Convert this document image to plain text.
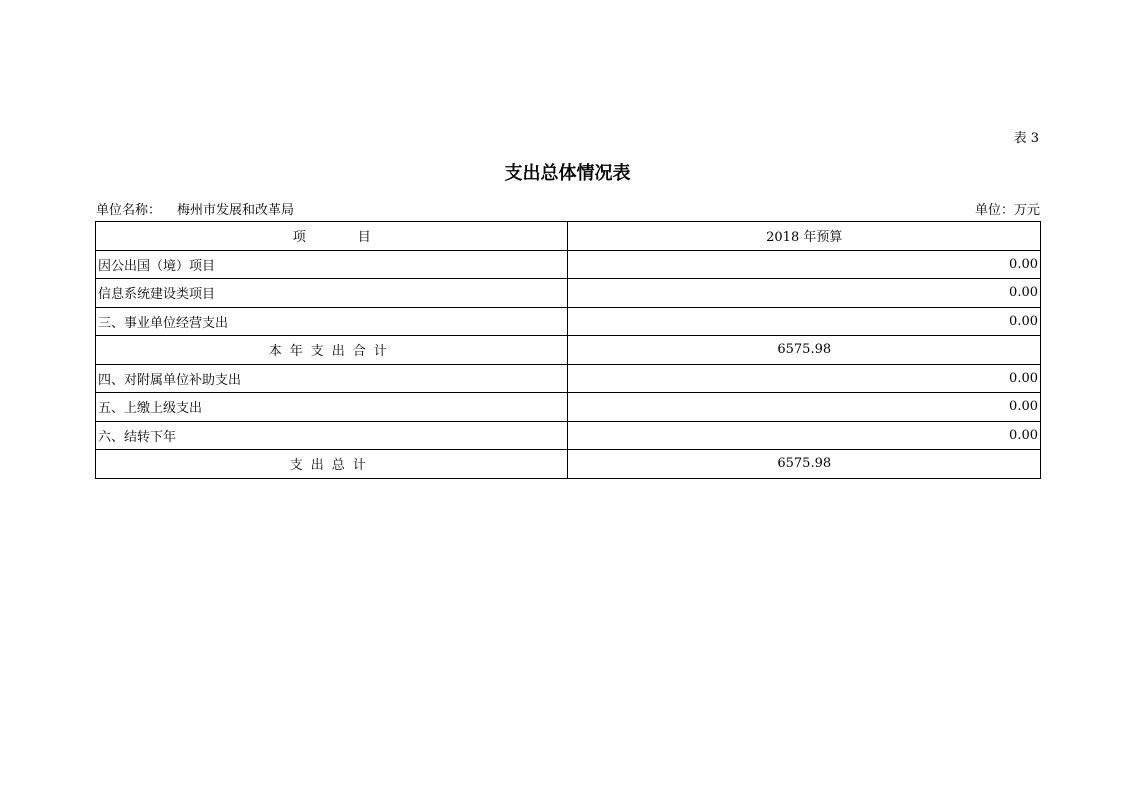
表 3
支出总体情况表
单位名称： 梅州市发展和改革局	单位：万元
项 目	2018 年预算
因公出国（境）项目	0.00
信息系统建设类项目	0.00
三、事业单位经营支出	0.00
本年支出合计	6575.98
四、对附属单位补助支出	0.00
五、上缴上级支出	0.00
六、结转下年	0.00
支出总计	6575.98
